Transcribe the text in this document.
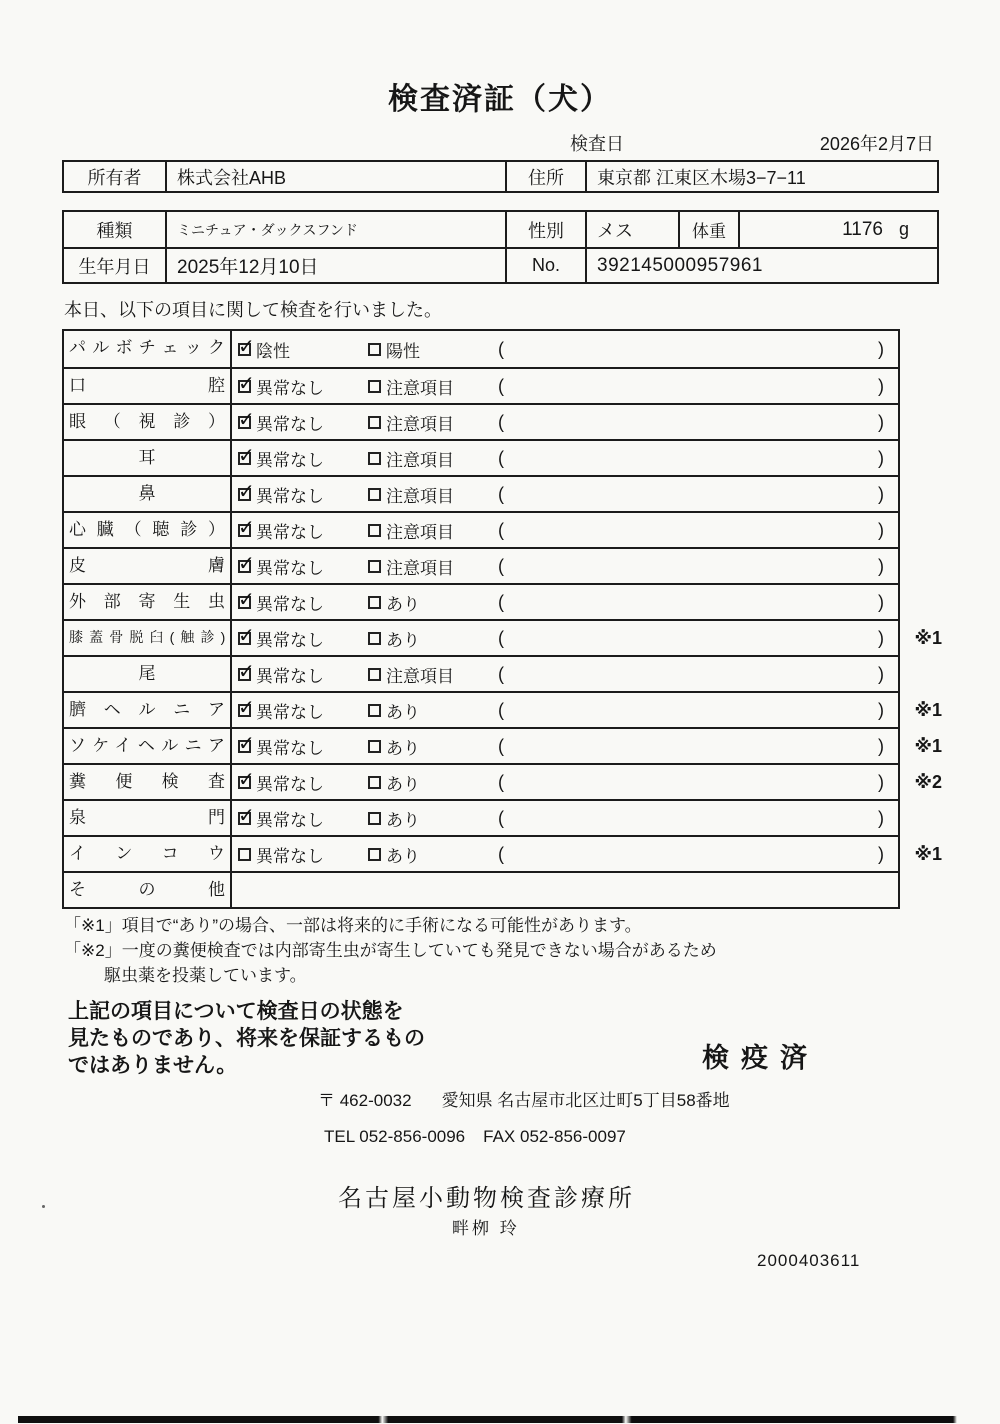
検査済証（犬）
検査日	2026年2月7日
所有者	株式会社AHB	住所	東京都 江東区木場3−7−11
種類	ミニチュア・ダックスフンド	性別	メス	体重	1176 g
生年月日	2025年12月10日	No.	392145000957961
本日、以下の項目に関して検査を行いました。
パルボチェック ✓	陰性	陽性	(	)
口腔 ✓	異常なし	注意項目 (	)
眼（視診） ✓	異常なし	注意項目 (	)
耳 ✓	異常なし	注意項目 (	)
鼻 ✓	異常なし	注意項目 (	)
心臓（聴診） ✓	異常なし	注意項目 (	)
皮膚 ✓	異常なし	注意項目 (	)
外部寄生虫 ✓	異常なし	あり	(	)
膝蓋骨脱臼(触診) ✓	異常なし	あり	(	) ※1
尾 ✓	異常なし	注意項目 (	)
臍ヘルニア ✓	異常なし	あり	(	) ※1
ソケイヘルニア ✓	異常なし	あり	(	) ※1
糞便検査 ✓	異常なし	あり	(	) ※2
泉門 ✓	異常なし	あり	(	)
インコウ	異常なし	あり	(	) ※1
その他
「※1」項目で“あり”の場合、一部は将来的に手術になる可能性があります。
「※2」一度の糞便検査では内部寄生虫が寄生していても発見できない場合があるため
駆虫薬を投薬しています。
上記の項目について検査日の状態を
見たものであり、将来を保証するもの
ではありません。	検疫済
〒 462-0032 愛知県 名古屋市北区辻町5丁目58番地
TEL 052-856-0096 FAX 052-856-0097
名古屋小動物検査診療所
畔栁 玲
2000403611
